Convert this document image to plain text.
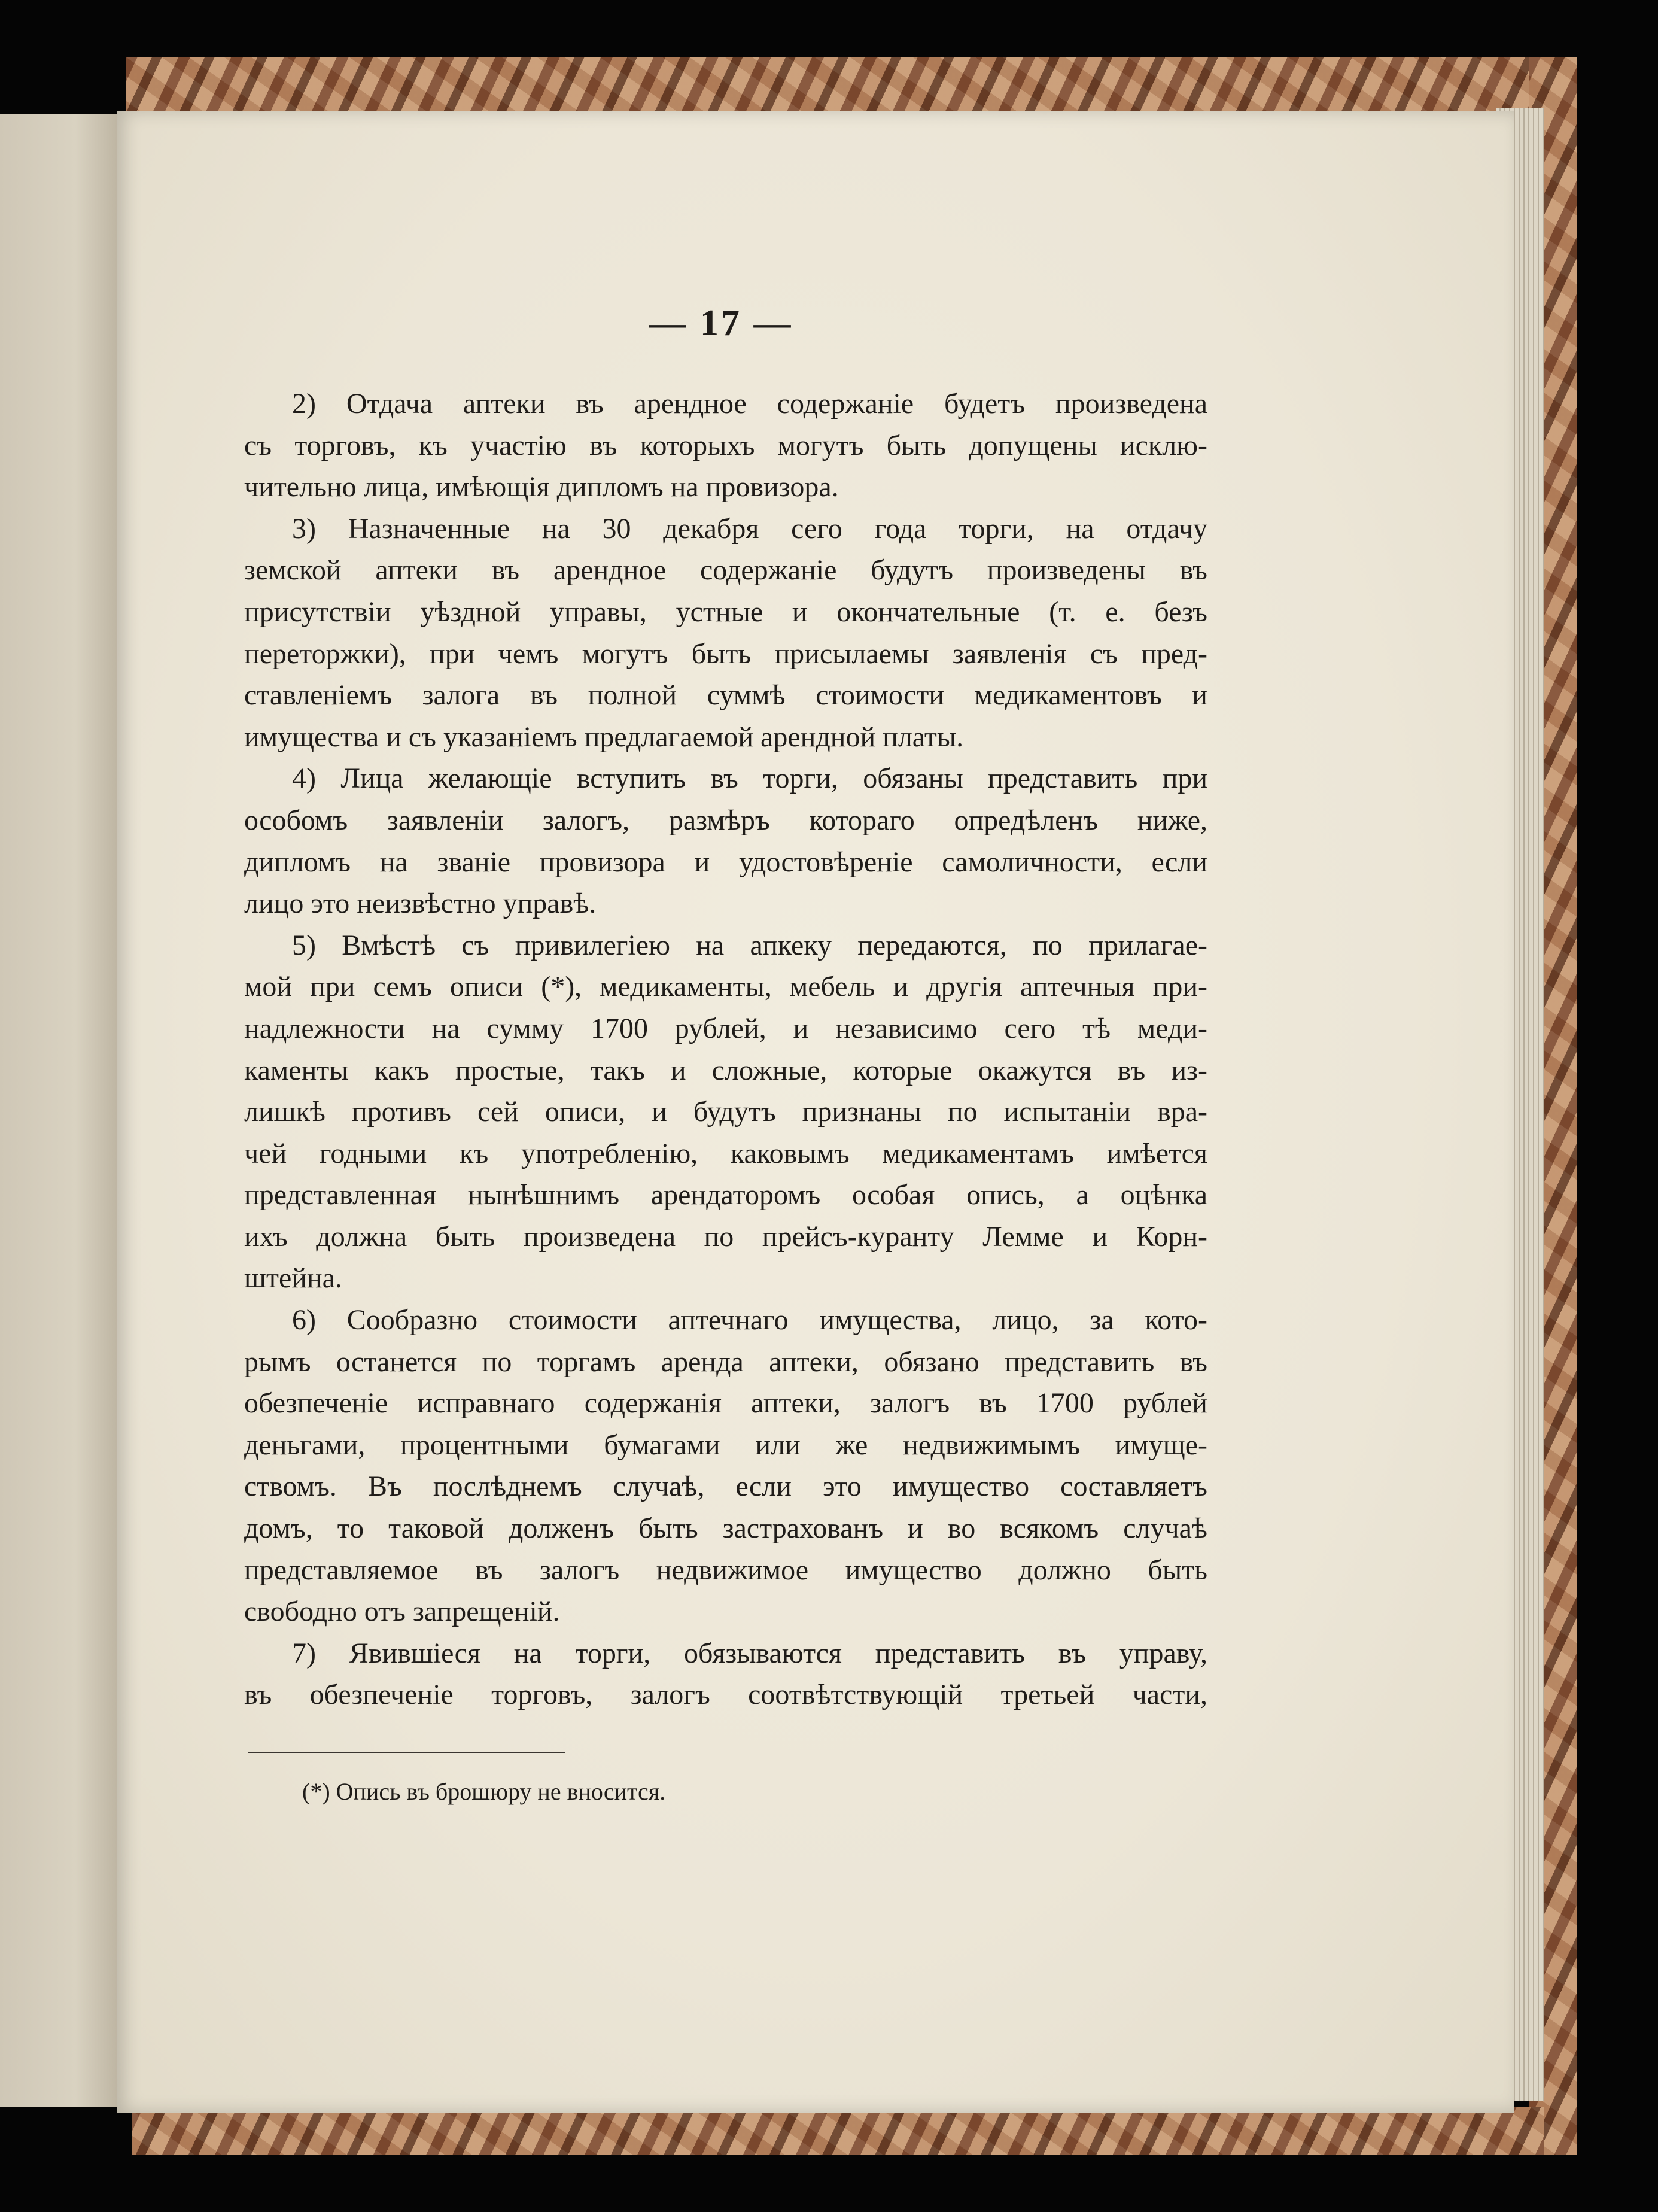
— 17 —
2) Отдача аптеки въ арендное содержаніе будетъ произведена
съ торговъ, къ участію въ которыхъ могутъ быть допущены исклю-
чительно лица, имѣющія дипломъ на провизора.
3) Назначенные на 30 декабря сего года торги, на отдачу
земской аптеки въ арендное содержаніе будутъ произведены въ
присутствіи уѣздной управы, устные и окончательные (т. е. безъ
переторжки), при чемъ могутъ быть присылаемы заявленія съ пред-
ставленіемъ залога въ полной суммѣ стоимости медикаментовъ и
имущества и съ указаніемъ предлагаемой арендной платы.
4) Лица желающіе вступить въ торги, обязаны представить при
особомъ заявленіи залогъ, размѣръ котораго опредѣленъ ниже,
дипломъ на званіе провизора и удостовѣреніе самоличности, если
лицо это неизвѣстно управѣ.
5) Вмѣстѣ съ привилегіею на апкеку передаются, по прилагае-
мой при семъ описи (*), медикаменты, мебель и другія аптечныя при-
надлежности на сумму 1700 рублей, и независимо сего тѣ меди-
каменты какъ простые, такъ и сложные, которые окажутся въ из-
лишкѣ противъ сей описи, и будутъ признаны по испытаніи вра-
чей годными къ употребленію, каковымъ медикаментамъ имѣется
представленная нынѣшнимъ арендаторомъ особая опись, а оцѣнка
ихъ должна быть произведена по прейсъ-куранту Лемме и Корн-
штейна.
6) Сообразно стоимости аптечнаго имущества, лицо, за кото-
рымъ останется по торгамъ аренда аптеки, обязано представить въ
обезпеченіе исправнаго содержанія аптеки, залогъ въ 1700 рублей
деньгами, процентными бумагами или же недвижимымъ имуще-
ствомъ. Въ послѣднемъ случаѣ, если это имущество составляетъ
домъ, то таковой долженъ быть застрахованъ и во всякомъ случаѣ
представляемое въ залогъ недвижимое имущество должно быть
свободно отъ запрещеній.
7) Явившіеся на торги, обязываются представить въ управу,
въ обезпеченіе торговъ, залогъ соотвѣтствующій третьей части,
(*) Опись въ брошюру не вносится.
